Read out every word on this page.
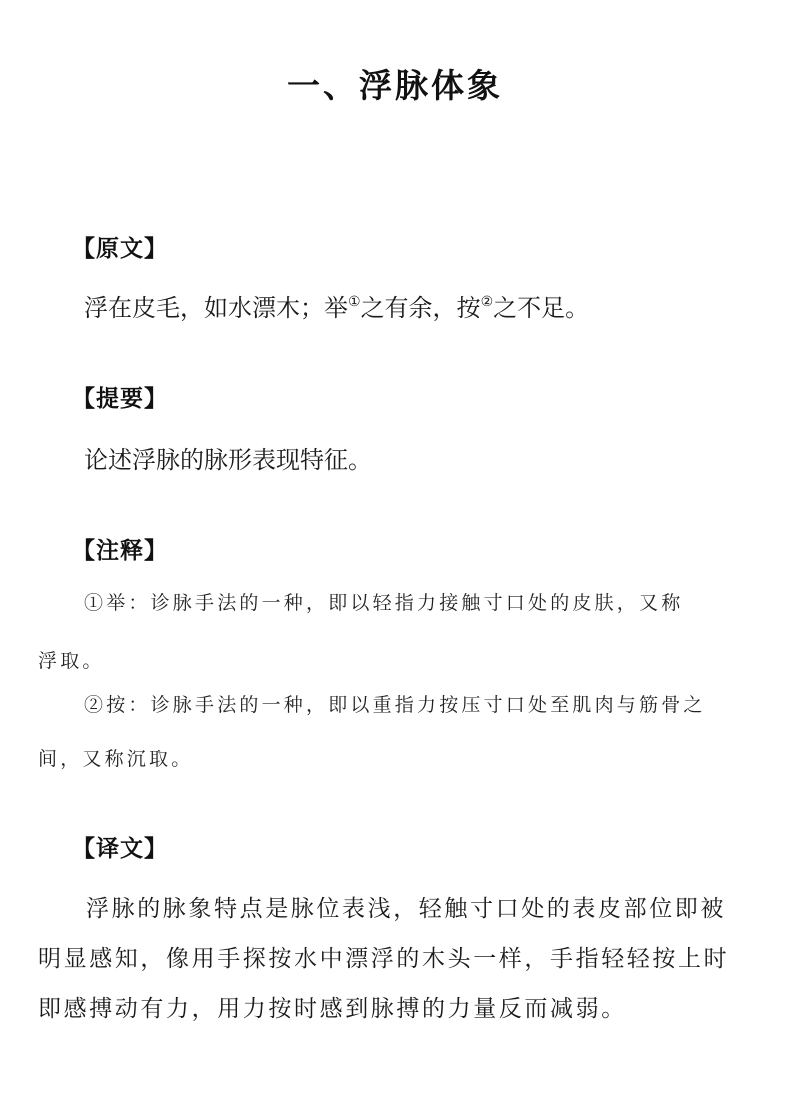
一、浮脉体象
【原文】
浮在皮毛，如水漂木；举①之有余，按②之不足。
【提要】
论述浮脉的脉形表现特征。
【注释】
①举：诊脉手法的一种，即以轻指力接触寸口处的皮肤，又称
浮取。
②按：诊脉手法的一种，即以重指力按压寸口处至肌肉与筋骨之
间，又称沉取。
【译文】
浮脉的脉象特点是脉位表浅，轻触寸口处的表皮部位即被
明显感知，像用手探按水中漂浮的木头一样，手指轻轻按上时
即感搏动有力，用力按时感到脉搏的力量反而减弱。
